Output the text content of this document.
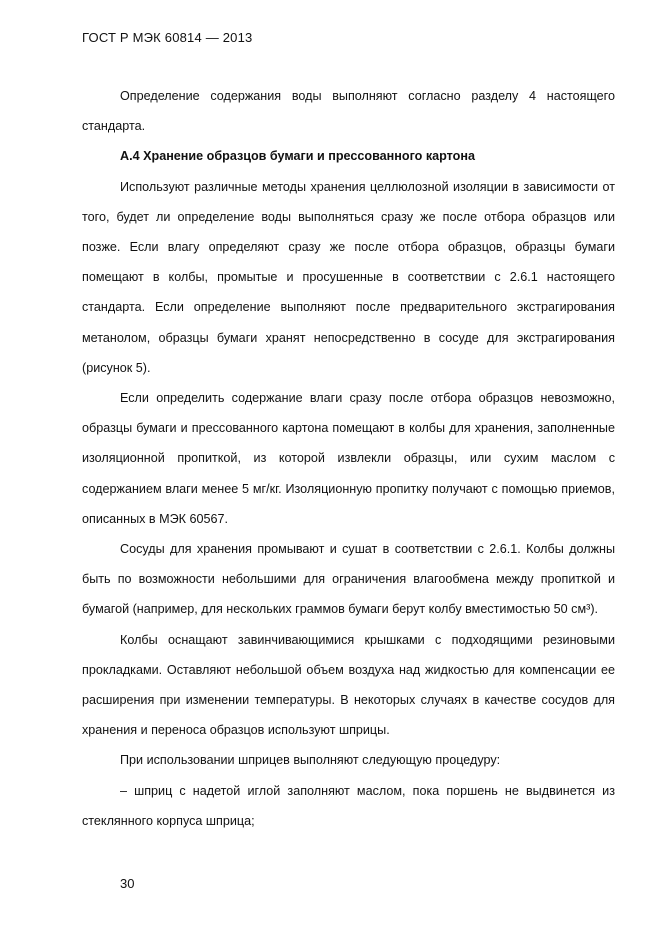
ГОСТ Р МЭК 60814 — 2013

Определение содержания воды выполняют согласно разделу 4 настоящего стандарта.

А.4 Хранение образцов бумаги и прессованного картона

Используют различные методы хранения целлюлозной изоляции в зависимости от того, будет ли определение воды выполняться сразу же после отбора образцов или позже. Если влагу определяют сразу же после отбора образцов, образцы бумаги помещают в колбы, промытые и просушенные в соответствии с 2.6.1 настоящего стандарта. Если определение выполняют после предварительного экстрагирования метанолом, образцы бумаги хранят непосредственно в сосуде для экстрагирования (рисунок 5).

Если определить содержание влаги сразу после отбора образцов невозможно, образцы бумаги и прессованного картона помещают в колбы для хранения, заполненные изоляционной пропиткой, из которой извлекли образцы, или сухим маслом с содержанием влаги менее 5 мг/кг. Изоляционную пропитку получают с помощью приемов, описанных в МЭК 60567.

Сосуды для хранения промывают и сушат в соответствии с 2.6.1. Колбы должны быть по возможности небольшими для ограничения влагообмена между пропиткой и бумагой (например, для нескольких граммов бумаги берут колбу вместимостью 50 см³).

Колбы оснащают завинчивающимися крышками с подходящими резиновыми прокладками. Оставляют небольшой объем воздуха над жидкостью для компенсации ее расширения при изменении температуры. В некоторых случаях в качестве сосудов для хранения и переноса образцов используют шприцы.

При использовании шприцев выполняют следующую процедуру:

– шприц с надетой иглой заполняют маслом, пока поршень не выдвинется из стеклянного корпуса шприца;

30
